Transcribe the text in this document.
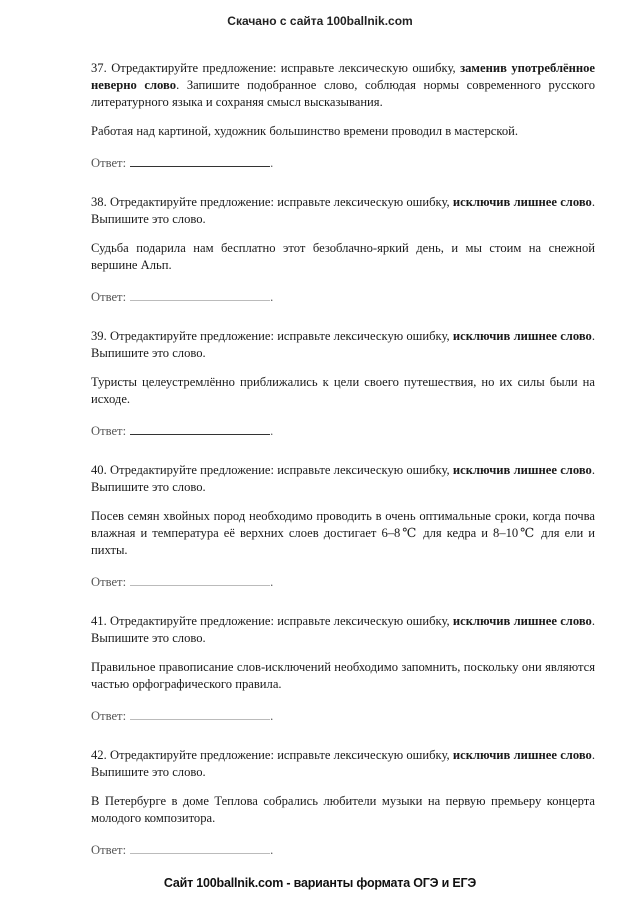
Скачано с сайта 100ballnik.com

37. Отредактируйте предложение: исправьте лексическую ошибку, заменив употреблённое неверно слово. Запишите подобранное слово, соблюдая нормы современного русского литературного языка и сохраняя смысл высказывания.

Работая над картиной, художник большинство времени проводил в мастерской.

Ответ:	.

38. Отредактируйте предложение: исправьте лексическую ошибку, исключив лишнее слово. Выпишите это слово.

Судьба подарила нам бесплатно этот безоблачно-яркий день, и мы стоим на снежной вершине Альп.

Ответ:	.

39. Отредактируйте предложение: исправьте лексическую ошибку, исключив лишнее слово. Выпишите это слово.

Туристы целеустремлённо приближались к цели своего путешествия, но их силы были на исходе.

Ответ:	.

40. Отредактируйте предложение: исправьте лексическую ошибку, исключив лишнее слово. Выпишите это слово.

Посев семян хвойных пород необходимо проводить в очень оптимальные сроки, когда почва влажная и температура её верхних слоев достигает 6–8℃ для кедра и 8–10℃ для ели и пихты.

Ответ:	.

41. Отредактируйте предложение: исправьте лексическую ошибку, исключив лишнее слово. Выпишите это слово.

Правильное правописание слов-исключений необходимо запомнить, поскольку они являются частью орфографического правила.

Ответ:	.

42. Отредактируйте предложение: исправьте лексическую ошибку, исключив лишнее слово. Выпишите это слово.

В Петербурге в доме Теплова собрались любители музыки на первую премьеру концерта молодого композитора.

Ответ:	.
Сайт 100ballnik.com - варианты формата ОГЭ и ЕГЭ
